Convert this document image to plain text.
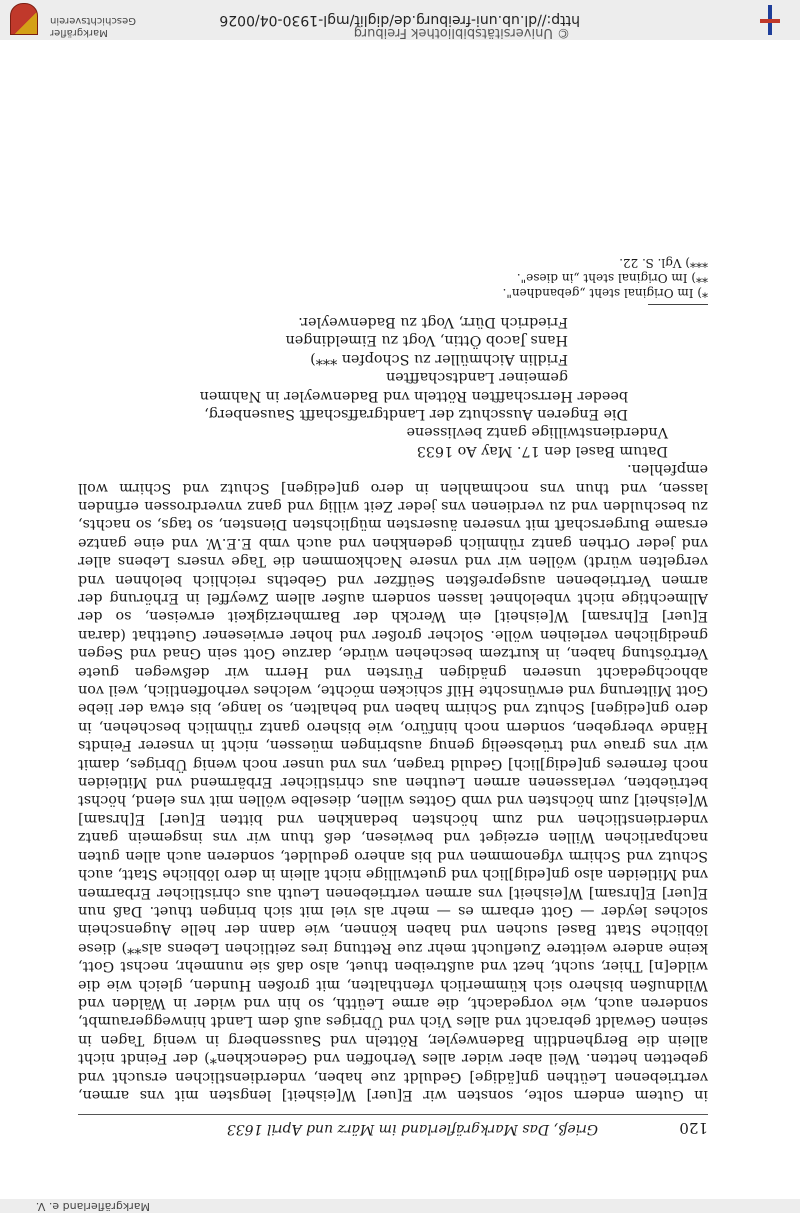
Markgräflerland e. V.
120
Grieß, Das Markgräflerland im März und April 1633

in Gutem endern solte, sonsten wir E[uer] W[eisheit] lengsten mit vns armen, vertriebenen Leüthen gn[ädige] Geduldt zue haben, vnderdienstlichen ersucht vnd gebetten hetten. Weil aber wider alles Verhoffen vnd Gedenckhen*) der Feindt nicht allein die Berghendtlin Badenweyler, Rötteln vnd Saussenberg in wenig Tagen in seinen Gewaldt gebracht vnd alles Vich vnd Übriges auß dem Landt hinweggeraumbt, sonderen auch, wie vorgedacht, die arme Leütth, so hin vnd wider in Wälden vnd Wildnußen bishero sich kümmerlich vfenthalten, mit großen Hunden, gleich wie die wilde[n] Thier, sucht, hezt vnd außtreiben thuet, also daß sie nunmehr, nechst Gott, keine andere weittere Zueflucht mehr zue Rettung ires zeitlichen Lebens als**) diese löbliche Statt Basel suchen vnd haben können, wie dann der helle Augenschein solches leyder — Gott erbarm es — mehr als viel mit sich bringen thuet. Daß nun E[uer] E[hrsam] W[eisheit] vns armen vertriebenen Leuth aus christlicher Erbarmen vnd Mitleiden also gn[edig]lich vnd guetwillige nicht allein in dero löbliche Statt, auch Schutz vnd Schirm vfgenommen vnd bis anhero geduldet, sonderen auch allen guten nachparlichen Willen erzeiget vnd bewiesen, deß thun wir vns insgemein gantz vnderdienstlichen vnd zum höchsten bedankhen vnd bitten E[uer] E[hrsam] W[eisheit] zum höchsten vnd vmb Gottes willen, dieselbe wöllen mit vns elend, höchst betrüebten, verlassenen armen Leuthen aus christlicher Erbärmend vnd Mitleiden noch ferneres gn[edig]lich] Geduld tragen, vns vnd unser noch wenig Übriges, damit wir vns graue vnd trüebseelig genug ausbringen müessen, nicht in vnserer Feindts Hände vbergeben, sondern noch hinfüro, wie bishero gantz rühmlich beschehen, in dero gn[edigen] Schutz vnd Schirm haben vnd behalten, so lange, bis etwa der liebe Gott Milterung vnd erwünschte Hilf schicken möchte, welches verhoffentlich, weil von abhochgedacht unseren gnädigen Fürsten vnd Herrn wir deßwegen guete Vertröstung haben, in kurtzem beschehen würde, darzue Gott sein Gnad vnd Segen gnediglichen verleihen wölle. Solcher großer vnd hoher erwiesener Guetthat (daran E[uer] E[hrsam] W[eisheit] ein Werckh der Barmherzigkeit erweisen, so der Allmechtige nicht vnbelohnet lassen sondern außer allem Zweyffel in Erhörung der armen Vertriebenen ausgepreßten Seüffzer vnd Gebeths reichlich belohnen vnd vergelten würdt) wöllen wir vnd vnsere Nachkommen die Tage vnsers Lebens aller vnd jeder Orthen gantz rühmlich gedenkhen vnd auch vmb E.E.W. vnd eine gantze ersame Burgerschaft mit vnseren äusersten müglichsten Diensten, so tags, so nachts, zu beschulden vnd zu verdienen vns jeder Zeit willig vnd ganz vnverdrossen erfinden lassen, vnd thun vns nochmahlen in dero gn[edigen] Schutz vnd Schirm woll empfehlen.

Datum Basel den 17. May Ao 1633
Vnderdienstwillige gantz bevlissene
Die Engeren Ausschutz der Landtgraffschafft Sausenberg,
beeder Herrschafften Rötteln vnd Badenweyler in Nahmen
gemeiner Landtschafften
Fridlin Aichmüller zu Schopfen ***)
Hans Jacob Öttin, Vogt zu Eimeldingen
Friedrich Dürr, Vogt zu Badenweyler.
*) Im Original steht „gebandhen".
**) Im Original steht „in diese".
***) Vgl. S. 22.
© Universitätsbibliothek Freiburg
http://dl.ub.uni-freiburg.de/diglit/mgl-1930-04/0026
Markgräfler Geschichtsverein
